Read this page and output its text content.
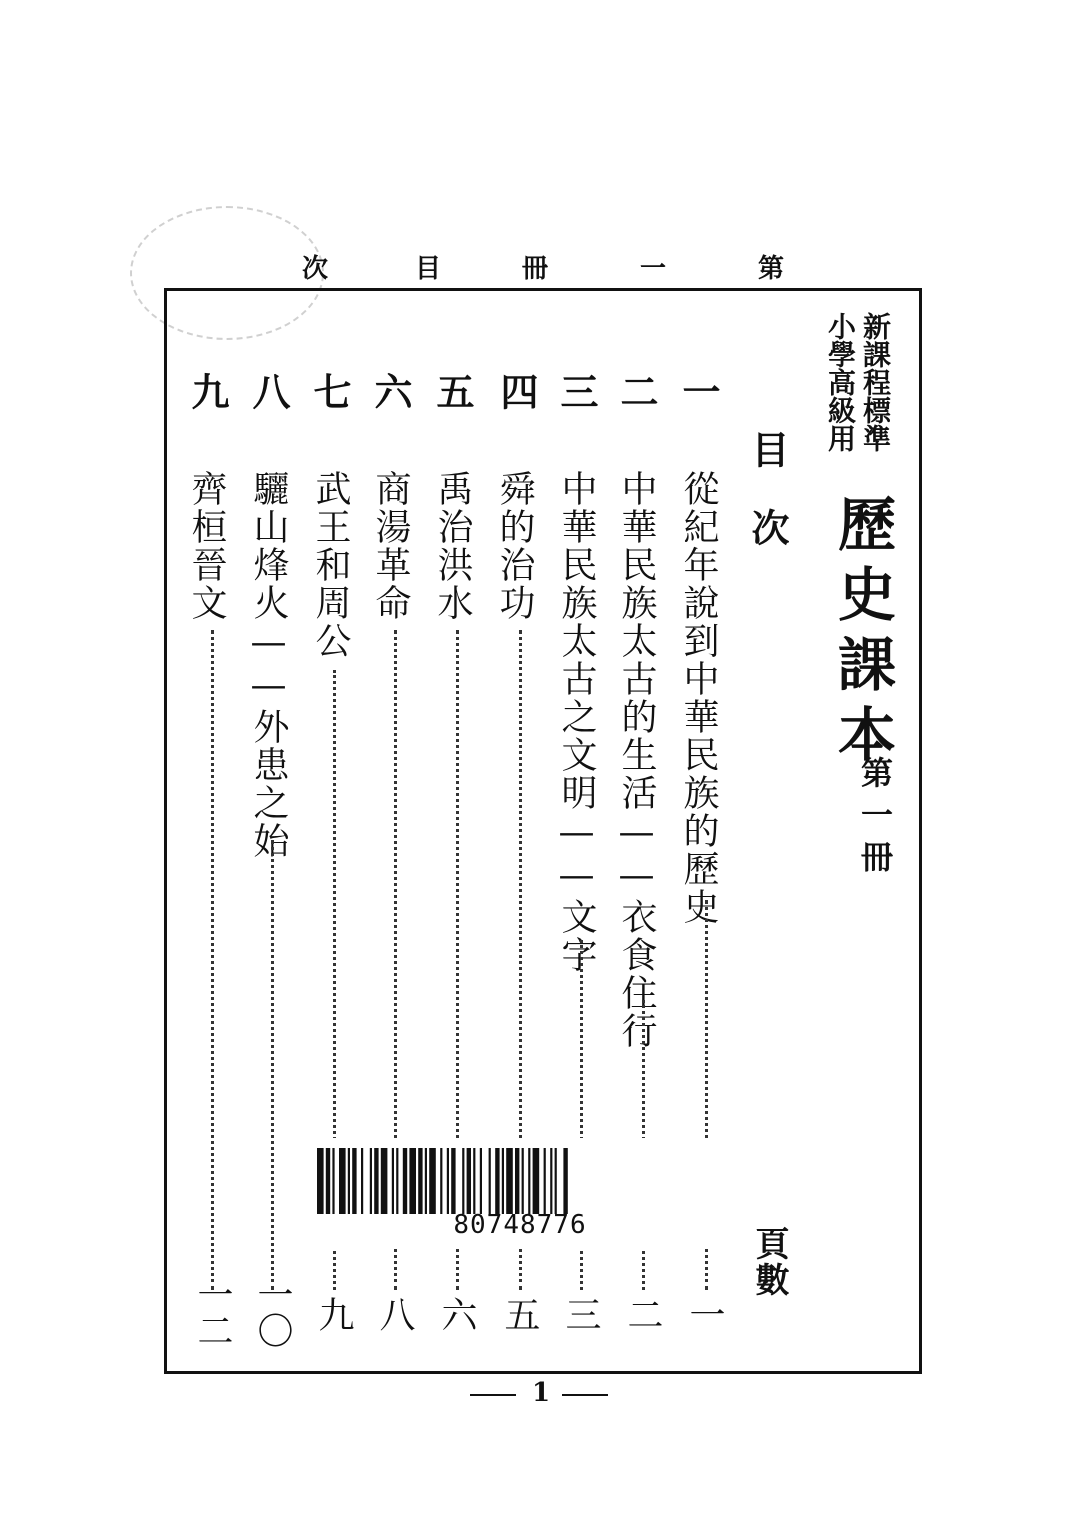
第
一
冊
目
次
新課程標準
小學高級用
歷史課本
第一冊
目次
頁數
一
二
三
四
五
六
七
八
九
從紀年說到中華民族的歷史
中華民族太古的生活——衣食住行
中華民族太古之文明——文字
舜的治功
禹治洪水
商湯革命
武王和周公
驪山烽火——外患之始
齊桓晉文
一
二
三
五
六
八
九
一〇
一二
80748776
1
